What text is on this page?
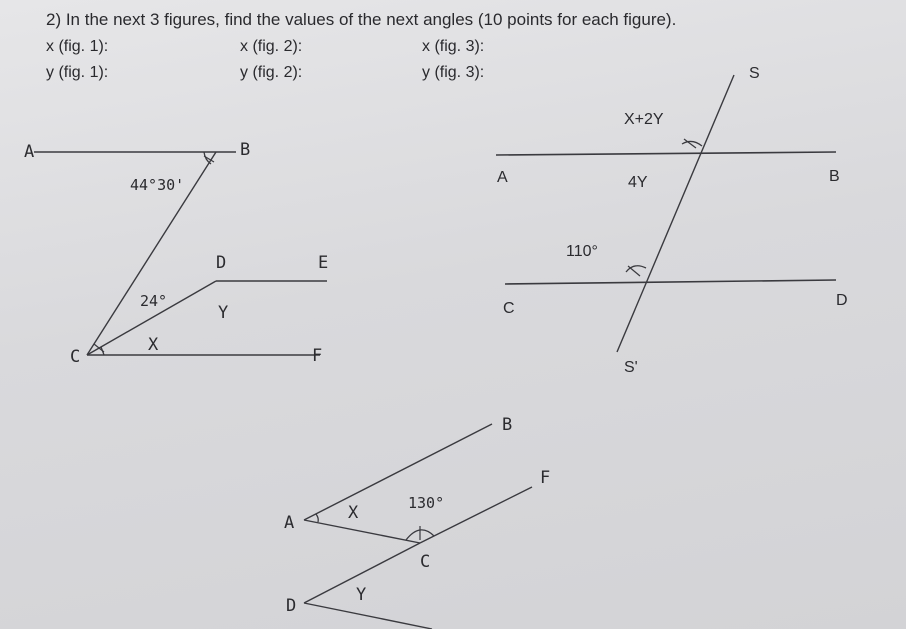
2) In the next 3 figures, find the values of the next angles (10 points for each figure).
x (fig. 1):
y (fig. 1):
x (fig. 2):
y (fig. 2):
x (fig. 3):
y (fig. 3):
A	B
C
D	E
F
X
Y
44°30'
24°
A	B
C	D
S
S'
X+2Y
4Y
110°
A
B
C
D
F
X
Y
130°
